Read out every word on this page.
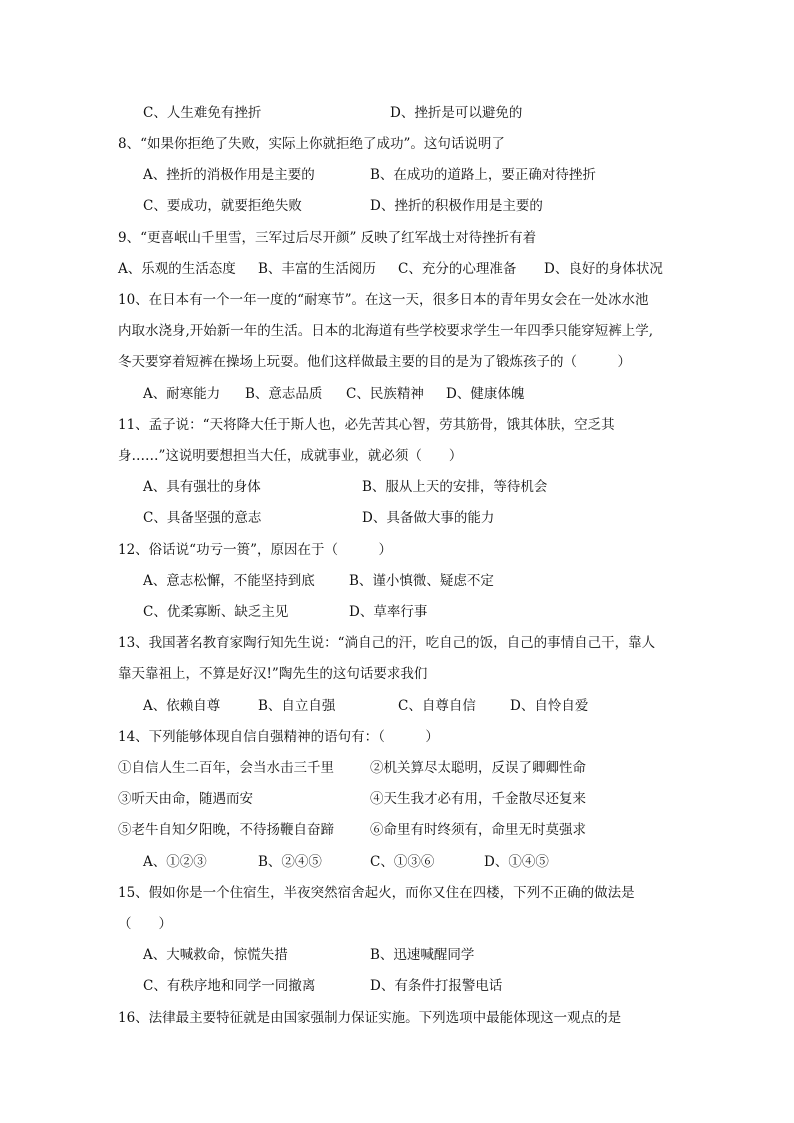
C、人生难免有挫折	D、挫折是可以避免的
8、“如果你拒绝了失败，实际上你就拒绝了成功”。这句话说明了
A、挫折的消极作用是主要的	B、在成功的道路上，要正确对待挫折
C、要成功，就要拒绝失败	D、挫折的积极作用是主要的
9、“更喜岷山千里雪，三军过后尽开颜” 反映了红军战士对待挫折有着
A、乐观的生活态度 B、丰富的生活阅历 C、充分的心理准备 D、良好的身体状况
10、在日本有一个一年一度的“耐寒节”。在这一天，很多日本的青年男女会在一处冰水池
内取水浇身,开始新一年的生活。日本的北海道有些学校要求学生一年四季只能穿短裤上学,
冬天要穿着短裤在操场上玩耍。他们这样做最主要的目的是为了锻炼孩子的（　　　）
A、耐寒能力 B、意志品质 C、民族精神 D、健康体魄
11、孟子说：“天将降大任于斯人也，必先苦其心智，劳其筋骨，饿其体肤，空乏其
身……”这说明要想担当大任，成就事业，就必须（　　）
A、具有强壮的身体	B、服从上天的安排，等待机会
C、具备坚强的意志	D、具备做大事的能力
12、俗话说“功亏一篑”，原因在于（　　　）
A、意志松懈，不能坚持到底	B、谨小慎微、疑虑不定
C、优柔寡断、缺乏主见	D、草率行事
13、我国著名教育家陶行知先生说：“淌自己的汗，吃自己的饭，自己的事情自己干，靠人
靠天靠祖上，不算是好汉!”陶先生的这句话要求我们
A、依赖自尊	B、自立自强	C、自尊自信	D、自怜自爱
14、下列能够体现自信自强精神的语句有：（　　　）
①自信人生二百年，会当水击三千里	②机关算尽太聪明，反误了卿卿性命
③听天由命，随遇而安	④天生我才必有用，千金散尽还复来
⑤老牛自知夕阳晚，不待扬鞭自奋蹄	⑥命里有时终须有，命里无时莫强求
A、①②③	B、②④⑤	C、①③⑥	D、①④⑤
15、假如你是一个住宿生，半夜突然宿舍起火，而你又住在四楼，下列不正确的做法是
（　　）
A、大喊救命，惊慌失措	B、迅速喊醒同学
C、有秩序地和同学一同撤离	D、有条件打报警电话
16、法律最主要特征就是由国家强制力保证实施。下列选项中最能体现这一观点的是
